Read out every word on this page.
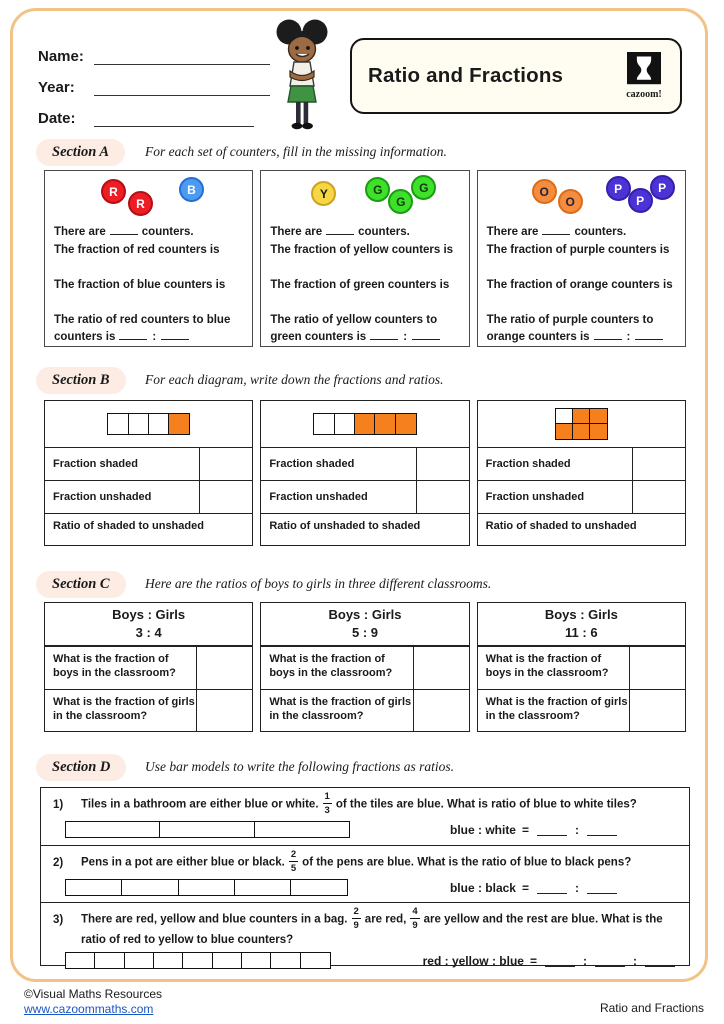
Name:
Year:
Date:
Ratio and Fractions
cazoom!
Section A	For each set of counters, fill in the missing information.
R
R
B
There are	counters.
The fraction of red counters is
The fraction of blue counters is
The ratio of red counters to blue
counters is	:
Y	G
G
G
There are	counters.
The fraction of yellow counters is
The fraction of green counters is
The ratio of yellow counters to
green counters is	:
O
O
P
P
P
There are	counters.
The fraction of purple counters is
The fraction of orange counters is
The ratio of purple counters to
orange counters is	:
Section B	For each diagram, write down the fractions and ratios.
Fraction shaded
Fraction unshaded
Ratio of shaded to unshaded
Fraction shaded
Fraction unshaded
Ratio of unshaded to shaded
Fraction shaded
Fraction unshaded
Ratio of shaded to unshaded
Section C	Here are the ratios of boys to girls in three different classrooms.
Boys : Girls
3 : 4
What is the fraction of boys in the classroom?
What is the fraction of girls in the classroom?
Boys : Girls
5 : 9
What is the fraction of boys in the classroom?
What is the fraction of girls in the classroom?
Boys : Girls
11 : 6
What is the fraction of boys in the classroom?
What is the fraction of girls in the classroom?
Section D	Use bar models to write the following fractions as ratios.
1) Tiles in a bathroom are either blue or white. $\frac{1}{3}$ of the tiles are blue. What is ratio of blue to white tiles?
blue : white =	:
2) Pens in a pot are either blue or black. $\frac{2}{5}$ of the pens are blue. What is the ratio of blue to black pens?
blue : black =	:
3) There are red, yellow and blue counters in a bag. $\frac{2}{9}$ are red, $\frac{4}{9}$ are yellow and the rest are blue. What is the ratio of red to yellow to blue counters?
red : yellow : blue =	:	:
©Visual Maths Resources
www.cazoommaths.com	Ratio and Fractions
